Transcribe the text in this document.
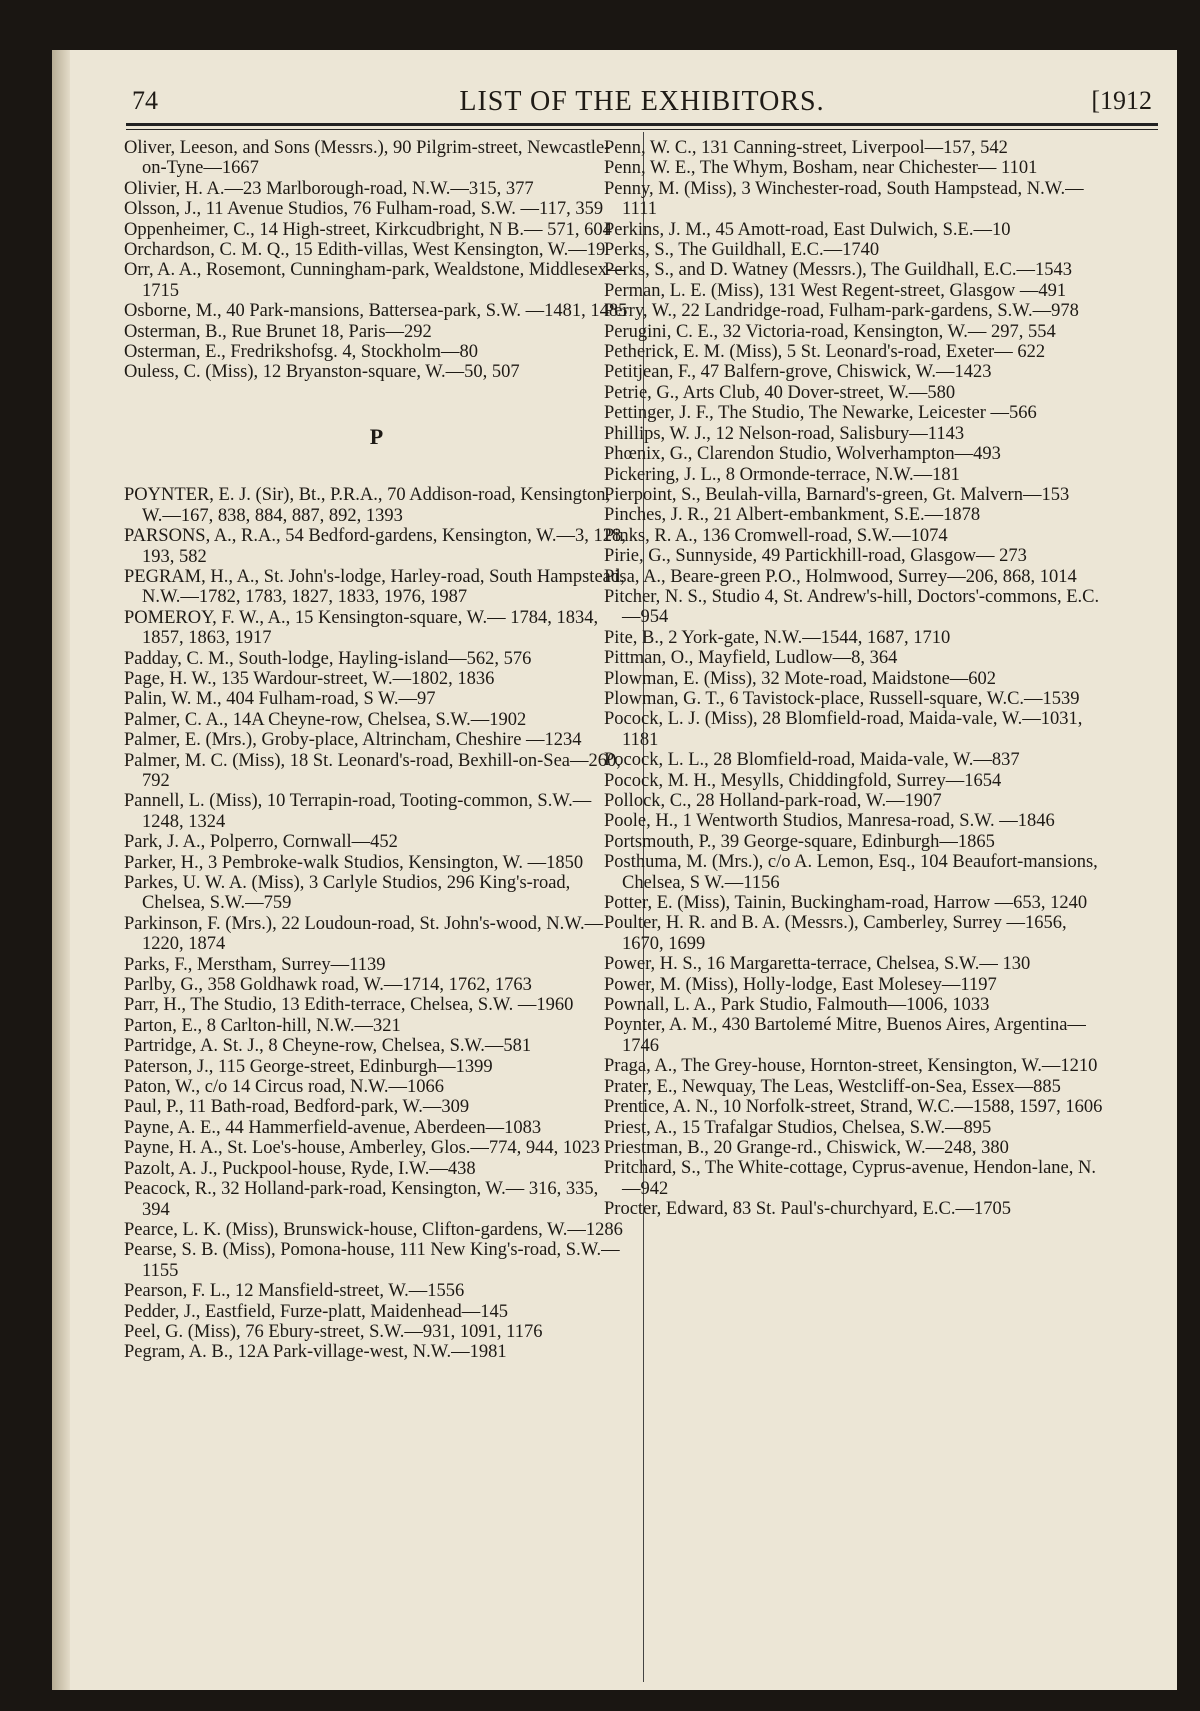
74	LIST OF THE EXHIBITORS.	[1912

Oliver, Leeson, and Sons (Messrs.), 90 Pilgrim-street, Newcastle-on-Tyne—1667

Olivier, H. A.—23 Marlborough-road, N.W.—315, 377

Olsson, J., 11 Avenue Studios, 76 Fulham-road, S.W. —117, 359

Oppenheimer, C., 14 High-street, Kirkcudbright, N B.— 571, 604

Orchardson, C. M. Q., 15 Edith-villas, West Kensington, W.—19

Orr, A. A., Rosemont, Cunningham-park, Wealdstone, Middlesex—1715

Osborne, M., 40 Park-mansions, Battersea-park, S.W. —1481, 1485

Osterman, B., Rue Brunet 18, Paris—292

Osterman, E., Fredrikshofsg. 4, Stockholm—80

Ouless, C. (Miss), 12 Bryanston-square, W.—50, 507

P

POYNTER, E. J. (Sir), Bt., P.R.A., 70 Addison-road, Kensington, W.—167, 838, 884, 887, 892, 1393

PARSONS, A., R.A., 54 Bedford-gardens, Kensington, W.—3, 128, 193, 582

PEGRAM, H., A., St. John's-lodge, Harley-road, South Hampstead, N.W.—1782, 1783, 1827, 1833, 1976, 1987

POMEROY, F. W., A., 15 Kensington-square, W.— 1784, 1834, 1857, 1863, 1917

Padday, C. M., South-lodge, Hayling-island—562, 576

Page, H. W., 135 Wardour-street, W.—1802, 1836

Palin, W. M., 404 Fulham-road, S W.—97

Palmer, C. A., 14A Cheyne-row, Chelsea, S.W.—1902

Palmer, E. (Mrs.), Groby-place, Altrincham, Cheshire —1234

Palmer, M. C. (Miss), 18 St. Leonard's-road, Bexhill-on-Sea—260, 792

Pannell, L. (Miss), 10 Terrapin-road, Tooting-common, S.W.—1248, 1324

Park, J. A., Polperro, Cornwall—452

Parker, H., 3 Pembroke-walk Studios, Kensington, W. —1850

Parkes, U. W. A. (Miss), 3 Carlyle Studios, 296 King's-road, Chelsea, S.W.—759

Parkinson, F. (Mrs.), 22 Loudoun-road, St. John's-wood, N.W.—1220, 1874

Parks, F., Merstham, Surrey—1139

Parlby, G., 358 Goldhawk road, W.—1714, 1762, 1763

Parr, H., The Studio, 13 Edith-terrace, Chelsea, S.W. —1960

Parton, E., 8 Carlton-hill, N.W.—321

Partridge, A. St. J., 8 Cheyne-row, Chelsea, S.W.—581

Paterson, J., 115 George-street, Edinburgh—1399

Paton, W., c/o 14 Circus road, N.W.—1066

Paul, P., 11 Bath-road, Bedford-park, W.—309

Payne, A. E., 44 Hammerfield-avenue, Aberdeen—1083

Payne, H. A., St. Loe's-house, Amberley, Glos.—774, 944, 1023

Pazolt, A. J., Puckpool-house, Ryde, I.W.—438

Peacock, R., 32 Holland-park-road, Kensington, W.— 316, 335, 394

Pearce, L. K. (Miss), Brunswick-house, Clifton-gardens, W.—1286

Pearse, S. B. (Miss), Pomona-house, 111 New King's-road, S.W.—1155

Pearson, F. L., 12 Mansfield-street, W.—1556

Pedder, J., Eastfield, Furze-platt, Maidenhead—145

Peel, G. (Miss), 76 Ebury-street, S.W.—931, 1091, 1176

Pegram, A. B., 12A Park-village-west, N.W.—1981

Penn, W. C., 131 Canning-street, Liverpool—157, 542

Penn, W. E., The Whym, Bosham, near Chichester— 1101

Penny, M. (Miss), 3 Winchester-road, South Hampstead, N.W.—1111

Perkins, J. M., 45 Amott-road, East Dulwich, S.E.—10

Perks, S., The Guildhall, E.C.—1740

Perks, S., and D. Watney (Messrs.), The Guildhall, E.C.—1543

Perman, L. E. (Miss), 131 West Regent-street, Glasgow —491

Perry, W., 22 Landridge-road, Fulham-park-gardens, S.W.—978

Perugini, C. E., 32 Victoria-road, Kensington, W.— 297, 554

Petherick, E. M. (Miss), 5 St. Leonard's-road, Exeter— 622

Petitjean, F., 47 Balfern-grove, Chiswick, W.—1423

Petrie, G., Arts Club, 40 Dover-street, W.—580

Pettinger, J. F., The Studio, The Newarke, Leicester —566

Phillips, W. J., 12 Nelson-road, Salisbury—1143

Phœnix, G., Clarendon Studio, Wolverhampton—493

Pickering, J. L., 8 Ormonde-terrace, N.W.—181

Pierpoint, S., Beulah-villa, Barnard's-green, Gt. Malvern—153

Pinches, J. R., 21 Albert-embankment, S.E.—1878

Pinks, R. A., 136 Cromwell-road, S.W.—1074

Pirie, G., Sunnyside, 49 Partickhill-road, Glasgow— 273

Pisa, A., Beare-green P.O., Holmwood, Surrey—206, 868, 1014

Pitcher, N. S., Studio 4, St. Andrew's-hill, Doctors'-commons, E.C.—954

Pite, B., 2 York-gate, N.W.—1544, 1687, 1710

Pittman, O., Mayfield, Ludlow—8, 364

Plowman, E. (Miss), 32 Mote-road, Maidstone—602

Plowman, G. T., 6 Tavistock-place, Russell-square, W.C.—1539

Pocock, L. J. (Miss), 28 Blomfield-road, Maida-vale, W.—1031, 1181

Pocock, L. L., 28 Blomfield-road, Maida-vale, W.—837

Pocock, M. H., Mesylls, Chiddingfold, Surrey—1654

Pollock, C., 28 Holland-park-road, W.—1907

Poole, H., 1 Wentworth Studios, Manresa-road, S.W. —1846

Portsmouth, P., 39 George-square, Edinburgh—1865

Posthuma, M. (Mrs.), c/o A. Lemon, Esq., 104 Beaufort-mansions, Chelsea, S W.—1156

Potter, E. (Miss), Tainin, Buckingham-road, Harrow —653, 1240

Poulter, H. R. and B. A. (Messrs.), Camberley, Surrey —1656, 1670, 1699

Power, H. S., 16 Margaretta-terrace, Chelsea, S.W.— 130

Power, M. (Miss), Holly-lodge, East Molesey—1197

Pownall, L. A., Park Studio, Falmouth—1006, 1033

Poynter, A. M., 430 Bartolemé Mitre, Buenos Aires, Argentina—1746

Praga, A., The Grey-house, Hornton-street, Kensington, W.—1210

Prater, E., Newquay, The Leas, Westcliff-on-Sea, Essex—885

Prentice, A. N., 10 Norfolk-street, Strand, W.C.—1588, 1597, 1606

Priest, A., 15 Trafalgar Studios, Chelsea, S.W.—895

Priestman, B., 20 Grange-rd., Chiswick, W.—248, 380

Pritchard, S., The White-cottage, Cyprus-avenue, Hendon-lane, N.—942

Procter, Edward, 83 St. Paul's-churchyard, E.C.—1705
